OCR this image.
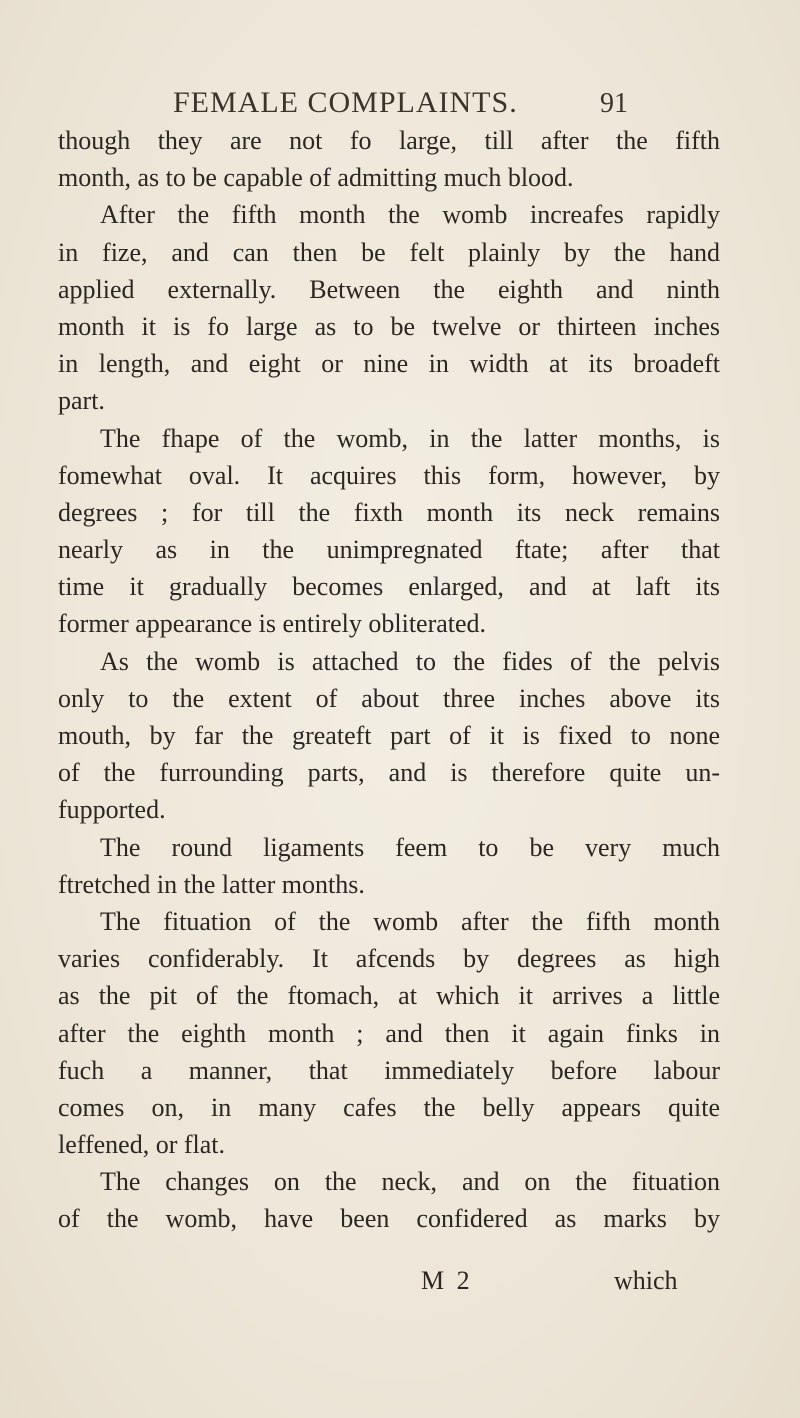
FEMALE COMPLAINTS.	91
though they are not fo large, till after the fifth
month, as to be capable of admitting much blood.
After the fifth month the womb increafes rapidly
in fize, and can then be felt plainly by the hand
applied externally. Between the eighth and ninth
month it is fo large as to be twelve or thirteen inches
in length, and eight or nine in width at its broadeft
part.
The fhape of the womb, in the latter months, is
fomewhat oval. It acquires this form, however, by
degrees ; for till the fixth month its neck remains
nearly as in the unimpregnated ftate; after that
time it gradually becomes enlarged, and at laft its
former appearance is entirely obliterated.
As the womb is attached to the fides of the pelvis
only to the extent of about three inches above its
mouth, by far the greateft part of it is fixed to none
of the furrounding parts, and is therefore quite un-
fupported.
The round ligaments feem to be very much
ftretched in the latter months.
The fituation of the womb after the fifth month
varies confiderably. It afcends by degrees as high
as the pit of the ftomach, at which it arrives a little
after the eighth month ; and then it again finks in
fuch a manner, that immediately before labour
comes on, in many cafes the belly appears quite
leffened, or flat.
The changes on the neck, and on the fituation
of the womb, have been confidered as marks by
M 2	which
